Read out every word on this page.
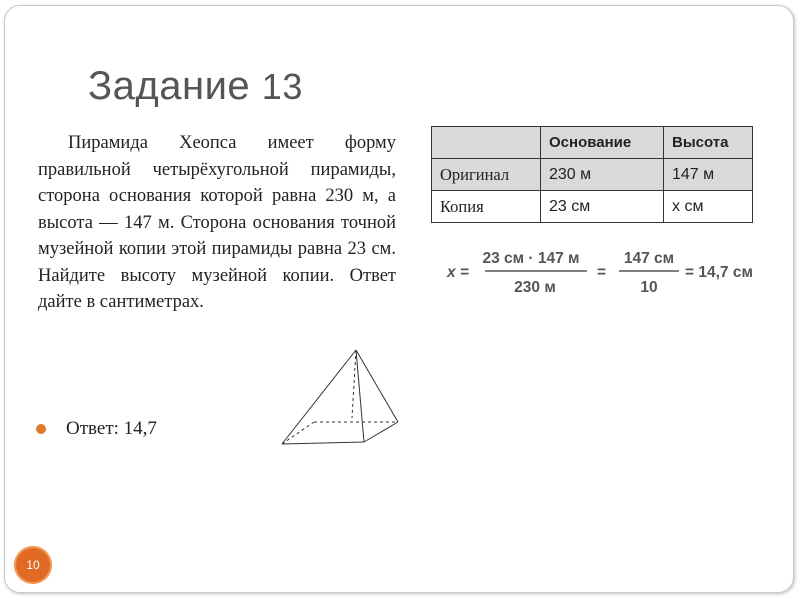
Задание 13
Пирамида Хеопса имеет форму правильной четырёхугольной пирамиды, сторона основания которой равна 230 м, а высота — 147 м. Сторона основания точной музейной копии этой пирамиды равна 23 см. Найдите высоту музейной копии. Ответ дайте в сантиметрах.
Ответ: 14,7
	Основание	Высота
Оригинал	230 м	147 м
Копия	23 см	x см
x =
23 см · 147 м
230 м
=
147 см
10
= 14,7 см
10
